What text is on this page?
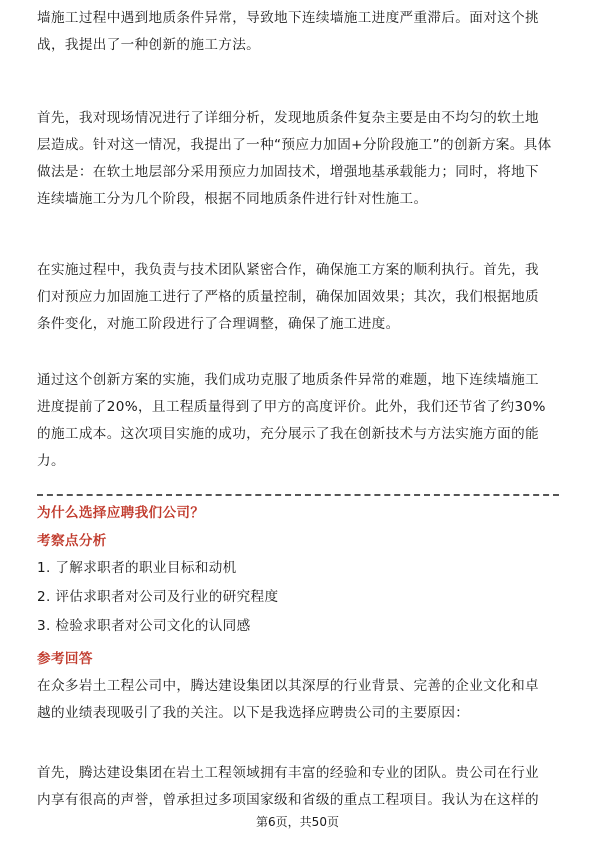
墙施工过程中遇到地质条件异常，导致地下连续墙施工进度严重滞后。面对这个挑
战，我提出了一种创新的施工方法。

首先，我对现场情况进行了详细分析，发现地质条件复杂主要是由不均匀的软土地
层造成。针对这一情况，我提出了一种“预应力加固+分阶段施工”的创新方案。具体
做法是：在软土地层部分采用预应力加固技术，增强地基承载能力；同时，将地下
连续墙施工分为几个阶段，根据不同地质条件进行针对性施工。

在实施过程中，我负责与技术团队紧密合作，确保施工方案的顺利执行。首先，我
们对预应力加固施工进行了严格的质量控制，确保加固效果；其次，我们根据地质
条件变化，对施工阶段进行了合理调整，确保了施工进度。

通过这个创新方案的实施，我们成功克服了地质条件异常的难题，地下连续墙施工
进度提前了20%，且工程质量得到了甲方的高度评价。此外，我们还节省了约30%
的施工成本。这次项目实施的成功，充分展示了我在创新技术与方法实施方面的能
力。

为什么选择应聘我们公司？
考察点分析

1. 了解求职者的职业目标和动机

2. 评估求职者对公司及行业的研究程度

3. 检验求职者对公司文化的认同感

参考回答

在众多岩土工程公司中，腾达建设集团以其深厚的行业背景、完善的企业文化和卓
越的业绩表现吸引了我的关注。以下是我选择应聘贵公司的主要原因：

首先，腾达建设集团在岩土工程领域拥有丰富的经验和专业的团队。贵公司在行业
内享有很高的声誉，曾承担过多项国家级和省级的重点工程项目。我认为在这样的

第6页，共50页
